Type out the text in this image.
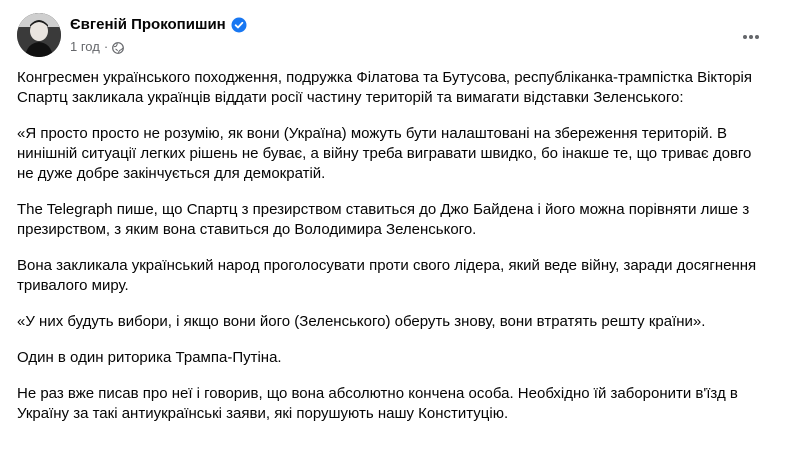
Євгеній Прокопишин
1 год ·

Конгресмен українського походження, подружка Філатова та Бутусова, республіканка-трампістка Вікторія Спартц закликала українців віддати росії частину територій та вимагати відставки Зеленського:

«Я просто просто не розумію, як вони (Україна) можуть бути налаштовані на збереження територій. В нинішній ситуації легких рішень не буває, а війну треба вигравати швидко, бо інакше те, що триває довго не дуже добре закінчується для демократій.

The Telegraph пише, що Спартц з презирством ставиться до Джо Байдена і його можна порівняти лише з презирством, з яким вона ставиться до Володимира Зеленського.

Вона закликала український народ проголосувати проти свого лідера, який веде війну, заради досягнення тривалого миру.

«У них будуть вибори, і якщо вони його (Зеленського) оберуть знову, вони втратять решту країни».

Один в один риторика Трампа-Путіна.

Не раз вже писав про неї і говорив, що вона абсолютно кончена особа. Необхідно їй заборонити в'їзд в Україну за такі антиукраїнські заяви, які порушують нашу Конституцію.
